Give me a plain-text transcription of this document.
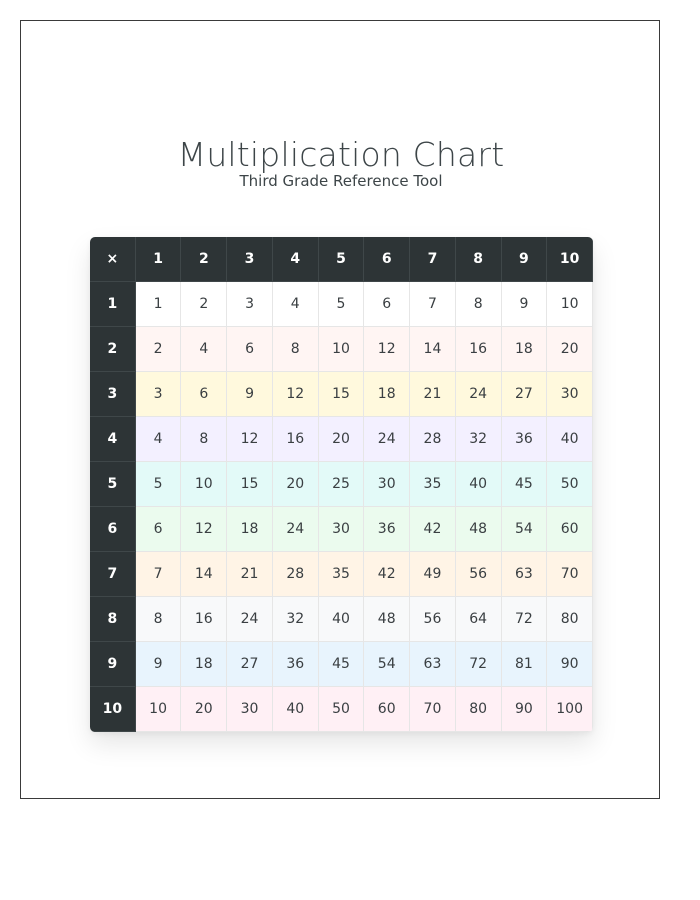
Multiplication Chart
Third Grade Reference Tool
×	1	2	3	4	5	6	7	8	9	10
1	1	2	3	4	5	6	7	8	9	10
2	2	4	6	8	10	12	14	16	18	20
3	3	6	9	12	15	18	21	24	27	30
4	4	8	12	16	20	24	28	32	36	40
5	5	10	15	20	25	30	35	40	45	50
6	6	12	18	24	30	36	42	48	54	60
7	7	14	21	28	35	42	49	56	63	70
8	8	16	24	32	40	48	56	64	72	80
9	9	18	27	36	45	54	63	72	81	90
10	10	20	30	40	50	60	70	80	90	100
